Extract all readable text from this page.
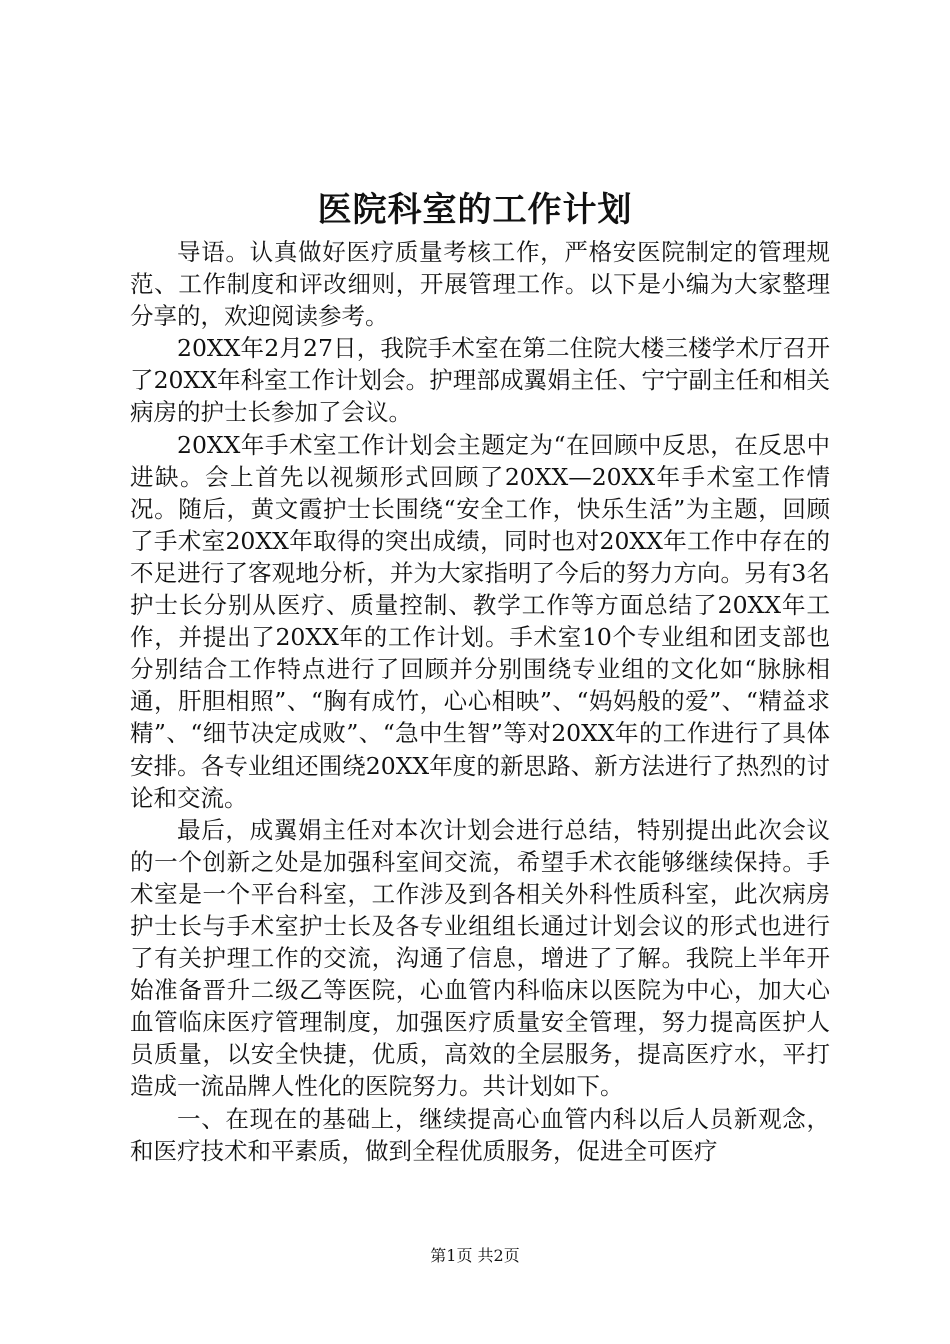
医院科室的工作计划

导语。认真做好医疗质量考核工作，严格安医院制定的管理规范、工作制度和评改细则，开展管理工作。以下是小编为大家整理分享的，欢迎阅读参考。

20XX年2月27日，我院手术室在第二住院大楼三楼学术厅召开了20XX年科室工作计划会。护理部成翼娟主任、宁宁副主任和相关病房的护士长参加了会议。

20XX年手术室工作计划会主题定为“在回顾中反思，在反思中进缺。会上首先以视频形式回顾了20XX—20XX年手术室工作情况。随后，黄文霞护士长围绕“安全工作，快乐生活”为主题，回顾了手术室20XX年取得的突出成绩，同时也对20XX年工作中存在的不足进行了客观地分析，并为大家指明了今后的努力方向。另有3名护士长分别从医疗、质量控制、教学工作等方面总结了20XX年工作，并提出了20XX年的工作计划。手术室10个专业组和团支部也分别结合工作特点进行了回顾并分别围绕专业组的文化如“脉脉相通，肝胆相照”、“胸有成竹，心心相映”、“妈妈般的爱”、“精益求精”、“细节决定成败”、“急中生智”等对20XX年的工作进行了具体安排。各专业组还围绕20XX年度的新思路、新方法进行了热烈的讨论和交流。

最后，成翼娟主任对本次计划会进行总结，特别提出此次会议的一个创新之处是加强科室间交流，希望手术衣能够继续保持。手术室是一个平台科室，工作涉及到各相关外科性质科室，此次病房护士长与手术室护士长及各专业组组长通过计划会议的形式也进行了有关护理工作的交流，沟通了信息，增进了了解。我院上半年开始准备晋升二级乙等医院，心血管内科临床以医院为中心，加大心血管临床医疗管理制度，加强医疗质量安全管理，努力提高医护人员质量，以安全快捷，优质，高效的全层服务，提高医疗水，平打造成一流品牌人性化的医院努力。共计划如下。

一、在现在的基础上，继续提高心血管内科以后人员新观念，和医疗技术和平素质，做到全程优质服务，促进全可医疗

第1页 共2页
